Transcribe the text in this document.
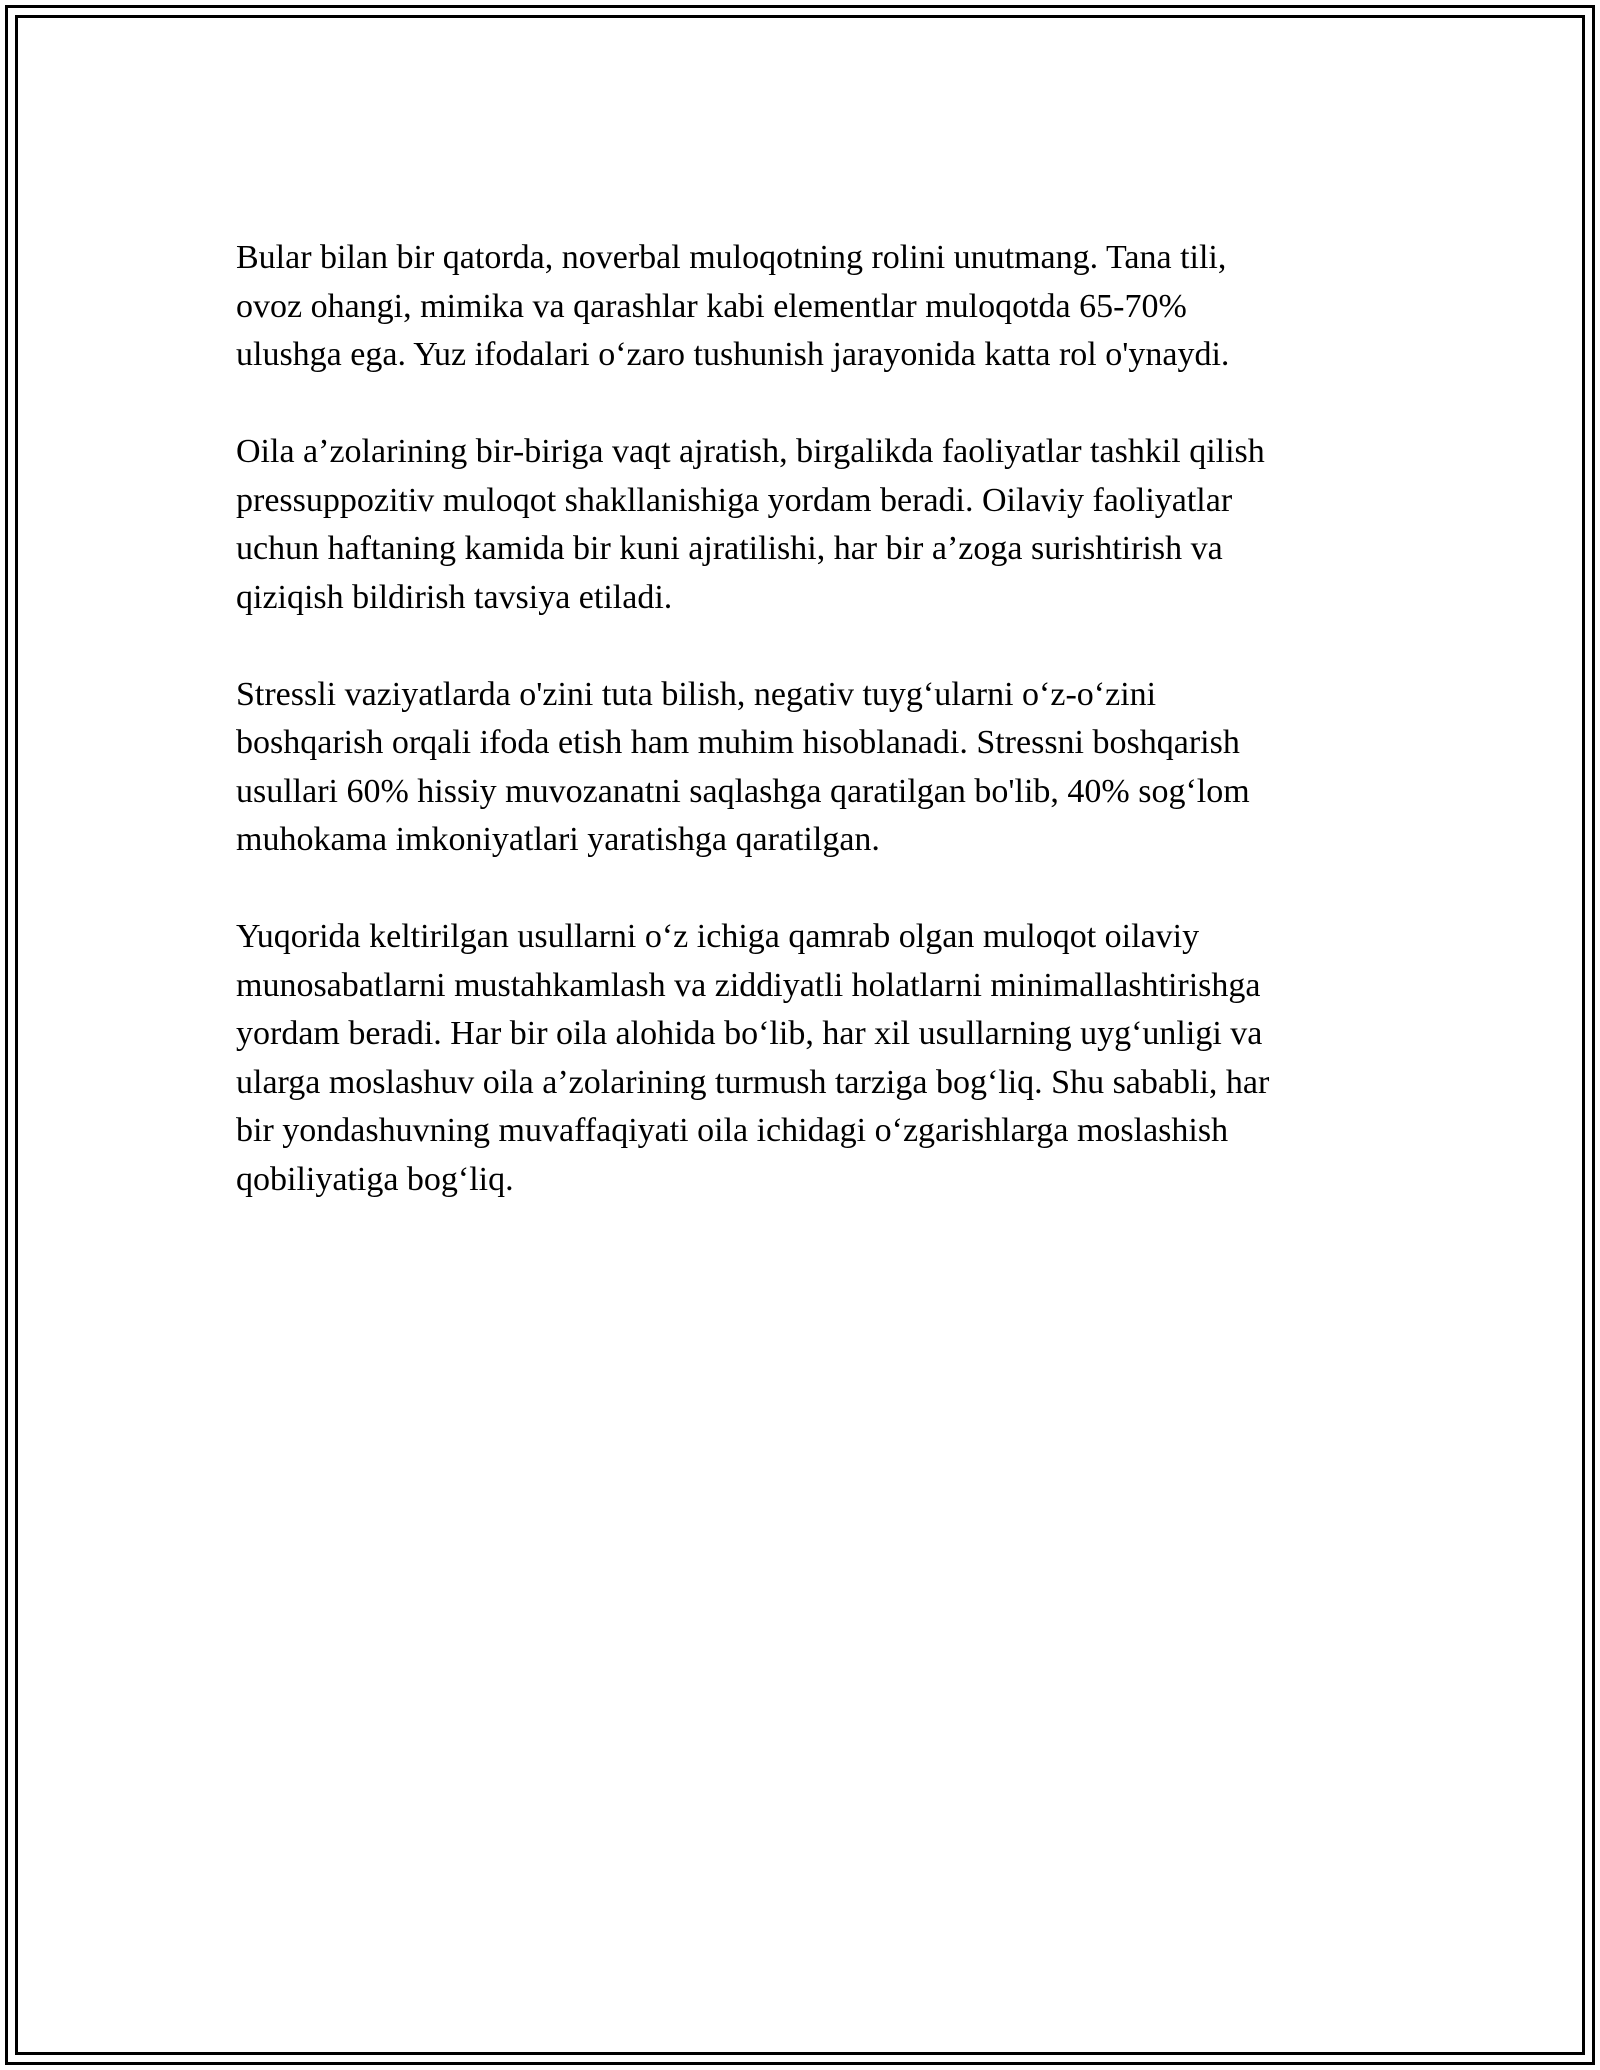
Bular bilan bir qatorda, noverbal muloqotning rolini unutmang. Tana tili,
ovoz ohangi, mimika va qarashlar kabi elementlar muloqotda 65-70%
ulushga ega. Yuz ifodalari o‘zaro tushunish jarayonida katta rol o'ynaydi.

Oila a’zolarining bir-biriga vaqt ajratish, birgalikda faoliyatlar tashkil qilish
pressuppozitiv muloqot shakllanishiga yordam beradi. Oilaviy faoliyatlar
uchun haftaning kamida bir kuni ajratilishi, har bir a’zoga surishtirish va
qiziqish bildirish tavsiya etiladi.

Stressli vaziyatlarda o'zini tuta bilish, negativ tuyg‘ularni o‘z-o‘zini
boshqarish orqali ifoda etish ham muhim hisoblanadi. Stressni boshqarish
usullari 60% hissiy muvozanatni saqlashga qaratilgan bo'lib, 40% sog‘lom
muhokama imkoniyatlari yaratishga qaratilgan.

Yuqorida keltirilgan usullarni o‘z ichiga qamrab olgan muloqot oilaviy
munosabatlarni mustahkamlash va ziddiyatli holatlarni minimallashtirishga
yordam beradi. Har bir oila alohida bo‘lib, har xil usullarning uyg‘unligi va
ularga moslashuv oila a’zolarining turmush tarziga bog‘liq. Shu sababli, har
bir yondashuvning muvaffaqiyati oila ichidagi o‘zgarishlarga moslashish
qobiliyatiga bog‘liq.
